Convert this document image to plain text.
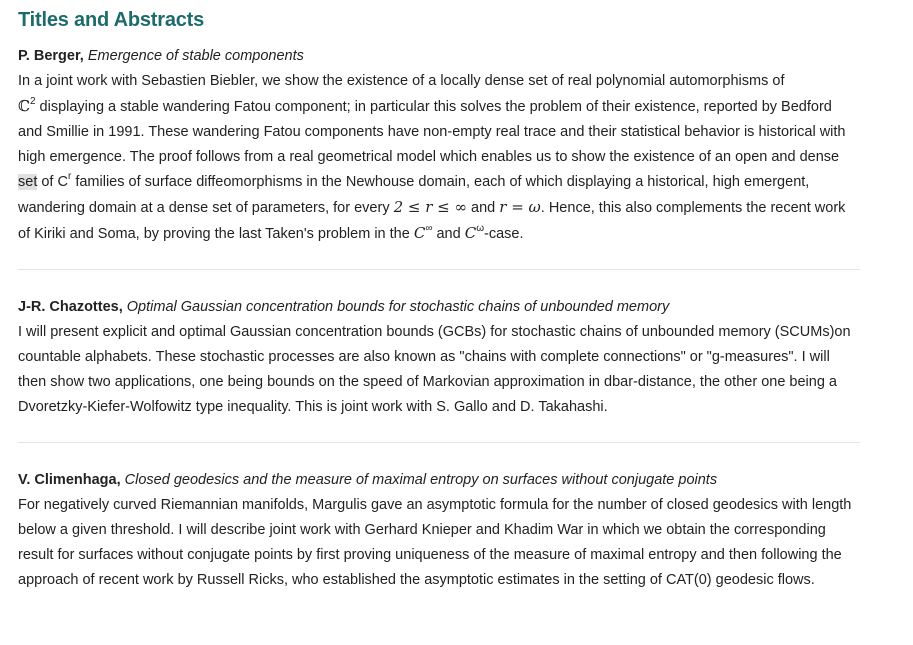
Titles and Abstracts

P. Berger, Emergence of stable components

In a joint work with Sebastien Biebler, we show the existence of a locally dense set of real polynomial automorphisms of
ℂ$^2$ displaying a stable wandering Fatou component; in particular this solves the problem of their existence, reported by Bedford and Smillie in 1991. These wandering Fatou components have non-empty real trace and their statistical behavior is historical with high emergence. The proof follows from a real geometrical model which enables us to show the existence of an open and dense set of $C^r$ families of surface diffeomorphisms in the Newhouse domain, each of which displaying a historical, high emergent, wandering domain at a dense set of parameters, for every 2 ≤ r ≤ ∞ and r = ω. Hence, this also complements the recent work of Kiriki and Soma, by proving the last Taken's problem in the C∞ and $C^\omega$-case.

J-R. Chazottes, Optimal Gaussian concentration bounds for stochastic chains of unbounded memory

I will present explicit and optimal Gaussian concentration bounds (GCBs) for stochastic chains of unbounded memory (SCUMs)on countable alphabets. These stochastic processes are also known as "chains with complete connections" or "g-measures". I will then show two applications, one being bounds on the speed of Markovian approximation in dbar-distance, the other one being a Dvoretzky-Kiefer-Wolfowitz type inequality. This is joint work with S. Gallo and D. Takahashi.

V. Climenhaga, Closed geodesics and the measure of maximal entropy on surfaces without conjugate points

For negatively curved Riemannian manifolds, Margulis gave an asymptotic formula for the number of closed geodesics with length below a given threshold. I will describe joint work with Gerhard Knieper and Khadim War in which we obtain the corresponding result for surfaces without conjugate points by first proving uniqueness of the measure of maximal entropy and then following the approach of recent work by Russell Ricks, who established the asymptotic estimates in the setting of CAT(0) geodesic flows.
